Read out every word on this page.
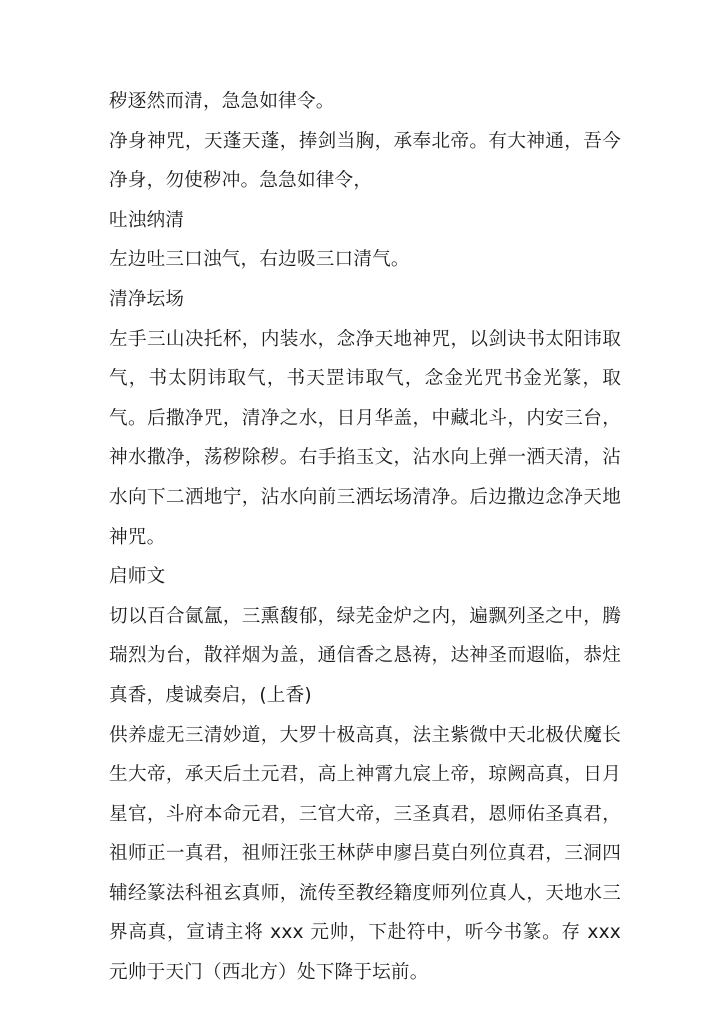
秽逐然而清，急急如律令。

净身神咒，天蓬天蓬，捧剑当胸，承奉北帝。有大神通，吾今净身，勿使秽冲。急急如律令，

吐浊纳清

左边吐三口浊气，右边吸三口清气。

清净坛场

左手三山决托杯，内装水，念净天地神咒，以剑诀书太阳讳取气，书太阴讳取气，书天罡讳取气，念金光咒书金光篆，取气。后撒净咒，清净之水，日月华盖，中藏北斗，内安三台，神水撒净，荡秽除秽。右手掐玉文，沾水向上弹一洒天清，沾水向下二洒地宁，沾水向前三洒坛场清净。后边撒边念净天地神咒。

启师文

切以百合氤氲，三熏馥郁，绿芜金炉之内，遍飘列圣之中，腾瑞烈为台，散祥烟为盖，通信香之恳祷，达神圣而遐临，恭炷真香，虔诚奏启，(上香)

供养虚无三清妙道，大罗十极高真，法主紫微中天北极伏魔长生大帝，承天后土元君，高上神霄九宸上帝，琼阙高真，日月星官，斗府本命元君，三官大帝，三圣真君，恩师佑圣真君，祖师正一真君，祖师汪张王林萨申廖吕莫白列位真君，三洞四辅经篆法科祖玄真师，流传至教经籍度师列位真人，天地水三界高真，宣请主将 xxx 元帅，下赴符中，听今书篆。存 xxx 元帅于天门（西北方）处下降于坛前。
